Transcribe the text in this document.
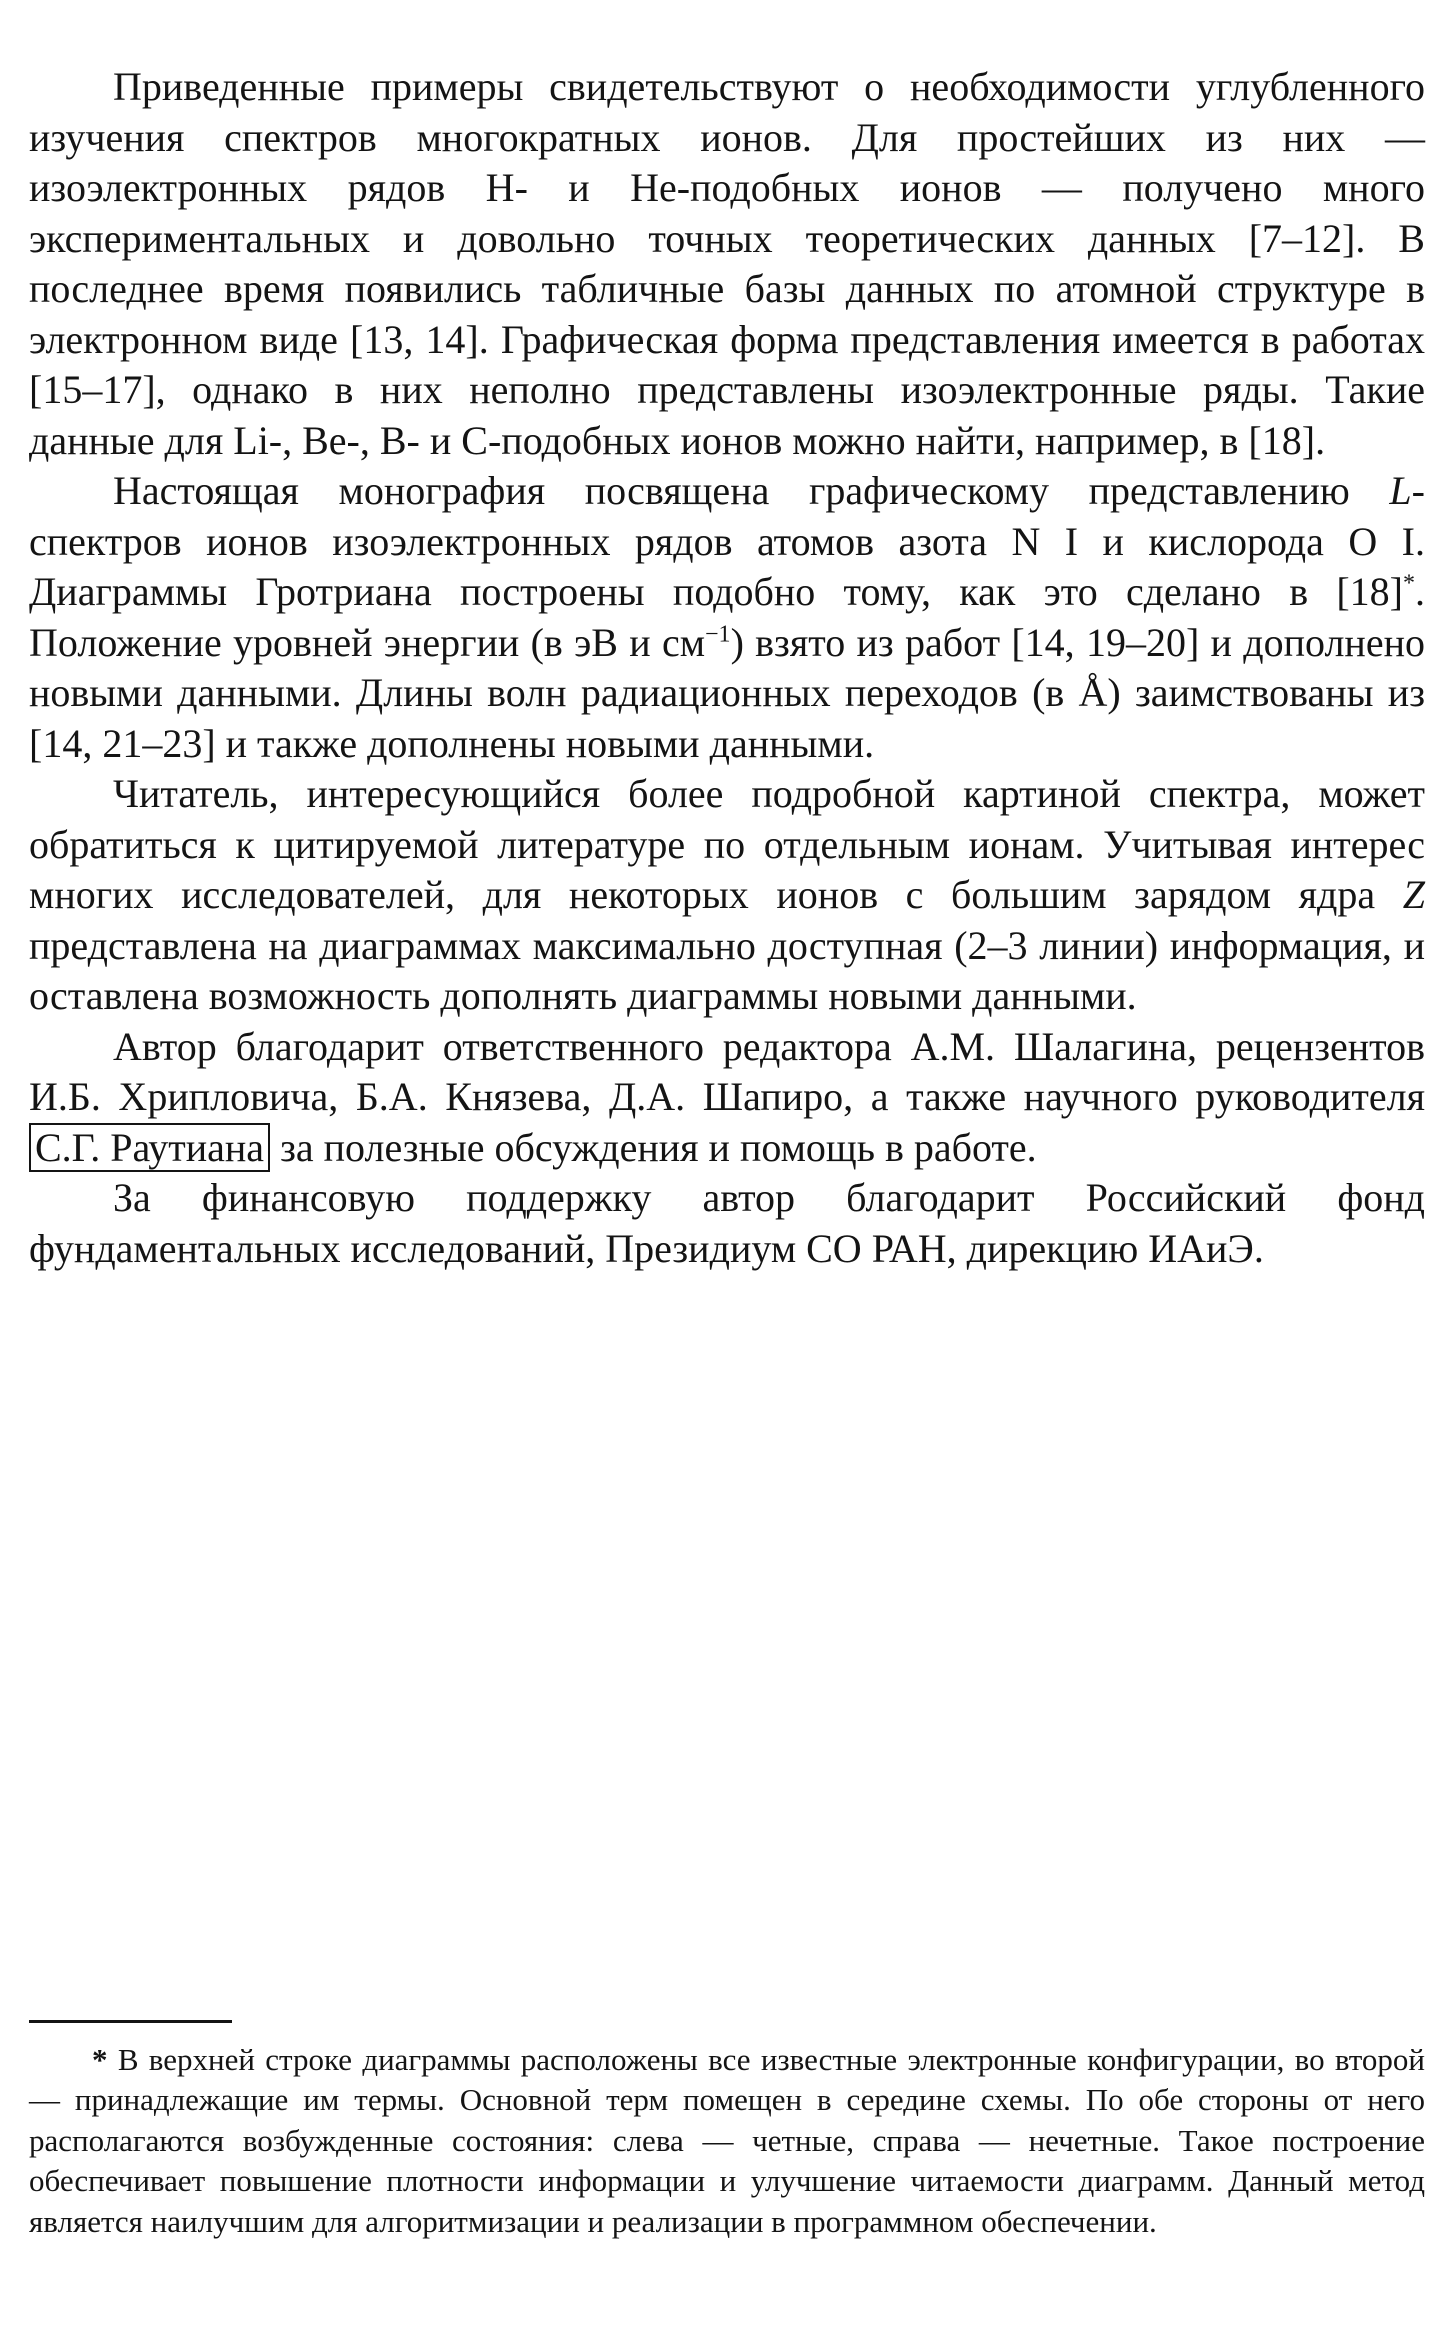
Приведенные примеры свидетельствуют о необходимости углубленного изучения спектров многократных ионов. Для простейших из них — изоэлектронных рядов H- и He-подобных ионов — получено много экспериментальных и довольно точных теоретических данных [7–12]. В последнее время появились табличные базы данных по атомной структуре в электронном виде [13, 14]. Графическая форма представления имеется в работах [15–17], однако в них неполно представлены изоэлектронные ряды. Такие данные для Li-, Be-, B- и C-подобных ионов можно найти, например, в [18].

Настоящая монография посвящена графическому представлению L-спектров ионов изоэлектронных рядов атомов азота N I и кислорода O I. Диаграммы Гротриана построены подобно тому, как это сделано в [18]*. Положение уровней энергии (в эВ и $см^{-1}$) взято из работ [14, 19–20] и дополнено новыми данными. Длины волн радиационных переходов (в Å) заимствованы из [14, 21–23] и также дополнены новыми данными.

Читатель, интересующийся более подробной картиной спектра, может обратиться к цитируемой литературе по отдельным ионам. Учитывая интерес многих исследователей, для некоторых ионов с большим зарядом ядра Z представлена на диаграммах максимально доступная (2–3 линии) информация, и оставлена возможность дополнять диаграммы новыми данными.

Автор благодарит ответственного редактора А.М. Шалагина, рецензентов И.Б. Хрипловича, Б.А. Князева, Д.А. Шапиро, а также научного руководителя С.Г. Раутиана за полезные обсуждения и помощь в работе.

За финансовую поддержку автор благодарит Российский фонд фундаментальных исследований, Президиум СО РАН, дирекцию ИАиЭ.

* В верхней строке диаграммы расположены все известные электронные конфигурации, во второй — принадлежащие им термы. Основной терм помещен в середине схемы. По обе стороны от него располагаются возбужденные состояния: слева — четные, справа — нечетные. Такое построение обеспечивает повышение плотности информации и улучшение читаемости диаграмм. Данный метод является наилучшим для алгоритмизации и реализации в программном обеспечении.
